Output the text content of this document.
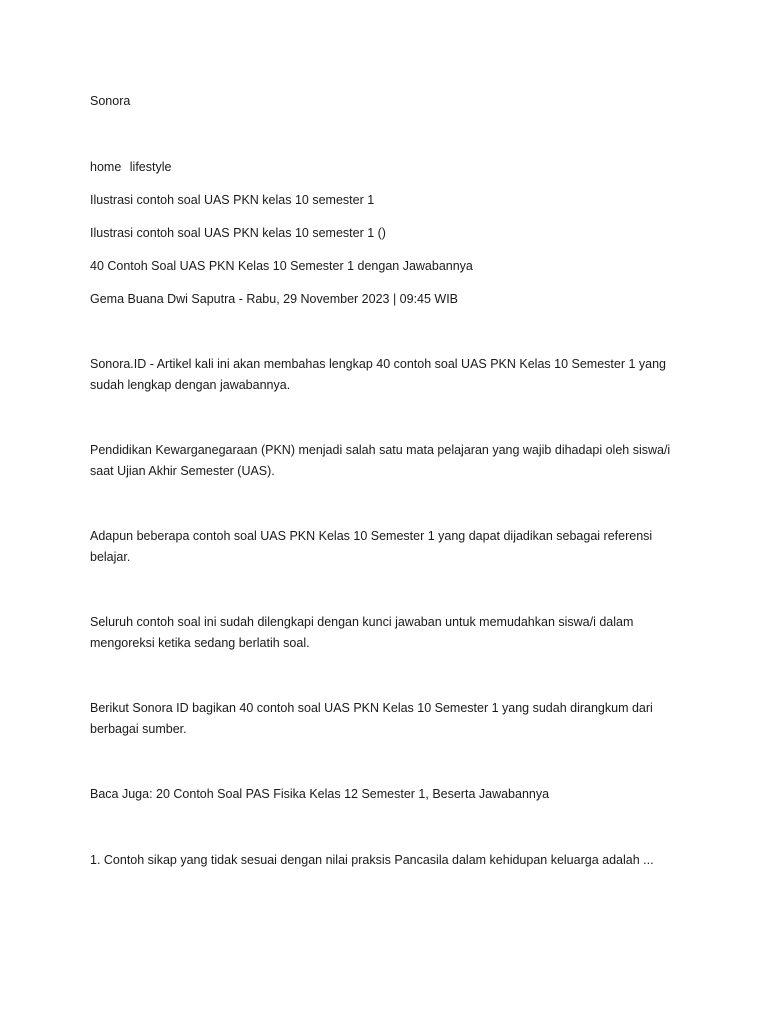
Sonora

home lifestyle

Ilustrasi contoh soal UAS PKN kelas 10 semester 1

Ilustrasi contoh soal UAS PKN kelas 10 semester 1 ()

40 Contoh Soal UAS PKN Kelas 10 Semester 1 dengan Jawabannya

Gema Buana Dwi Saputra - Rabu, 29 November 2023 | 09:45 WIB

Sonora.ID - Artikel kali ini akan membahas lengkap 40 contoh soal UAS PKN Kelas 10 Semester 1 yang sudah lengkap dengan jawabannya.

Pendidikan Kewarganegaraan (PKN) menjadi salah satu mata pelajaran yang wajib dihadapi oleh siswa/i saat Ujian Akhir Semester (UAS).

Adapun beberapa contoh soal UAS PKN Kelas 10 Semester 1 yang dapat dijadikan sebagai referensi belajar.

Seluruh contoh soal ini sudah dilengkapi dengan kunci jawaban untuk memudahkan siswa/i dalam mengoreksi ketika sedang berlatih soal.

Berikut Sonora ID bagikan 40 contoh soal UAS PKN Kelas 10 Semester 1 yang sudah dirangkum dari berbagai sumber.

Baca Juga: 20 Contoh Soal PAS Fisika Kelas 12 Semester 1, Beserta Jawabannya

1. Contoh sikap yang tidak sesuai dengan nilai praksis Pancasila dalam kehidupan keluarga adalah ...
